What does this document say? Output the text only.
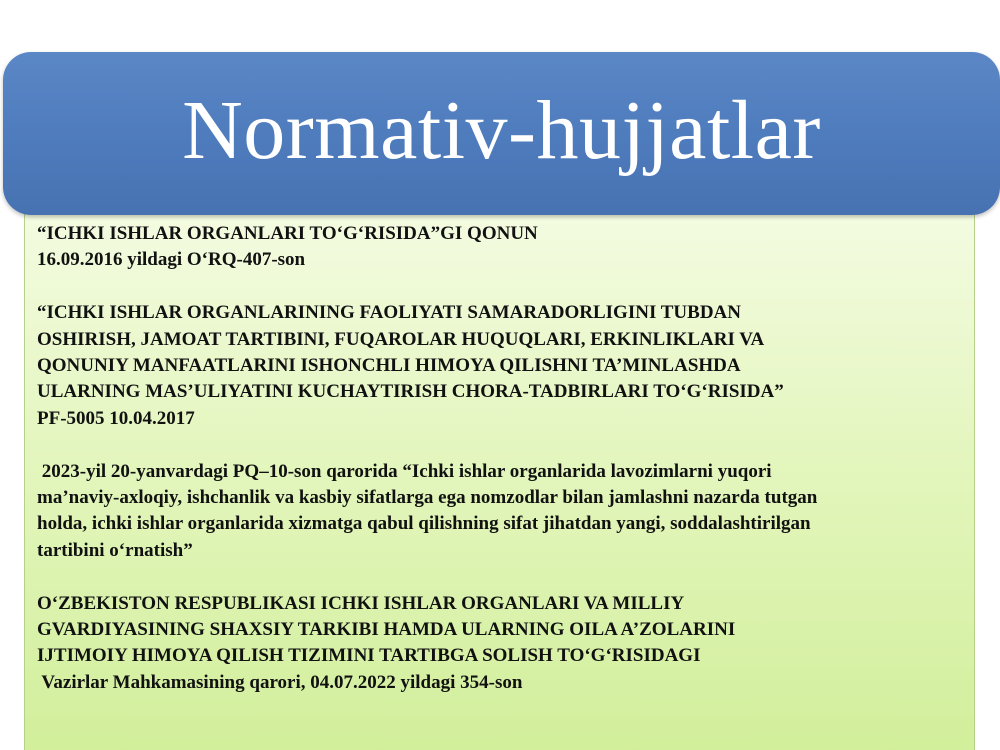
Normativ-hujjatlar
“ICHKI ISHLAR ORGANLARI TO‘G‘RISIDA”GI QONUN
16.09.2016 yildagi O‘RQ-407-son
“ICHKI ISHLAR ORGANLARINING FAOLIYATI SAMARADORLIGINI TUBDAN
OSHIRISH, JAMOAT TARTIBINI, FUQAROLAR HUQUQLARI, ERKINLIKLARI VA
QONUNIY MANFAATLARINI ISHONCHLI HIMOYA QILISHNI TA’MINLASHDA
ULARNING MAS’ULIYATINI KUCHAYTIRISH CHORA-TADBIRLARI TO‘G‘RISIDA”
PF-5005 10.04.2017
2023-yil 20-yanvardagi PQ–10-son qarorida “Ichki ishlar organlarida lavozimlarni yuqori
ma’naviy-axloqiy, ishchanlik va kasbiy sifatlarga ega nomzodlar bilan jamlashni nazarda tutgan
holda, ichki ishlar organlarida xizmatga qabul qilishning sifat jihatdan yangi, soddalashtirilgan
tartibini o‘rnatish”
O‘ZBEKISTON RESPUBLIKASI ICHKI ISHLAR ORGANLARI VA MILLIY
GVARDIYASINING SHAXSIY TARKIBI HAMDA ULARNING OILA A’ZOLARINI
IJTIMOIY HIMOYA QILISH TIZIMINI TARTIBGA SOLISH TO‘G‘RISIDAGI
Vazirlar Mahkamasining qarori, 04.07.2022 yildagi 354-son
